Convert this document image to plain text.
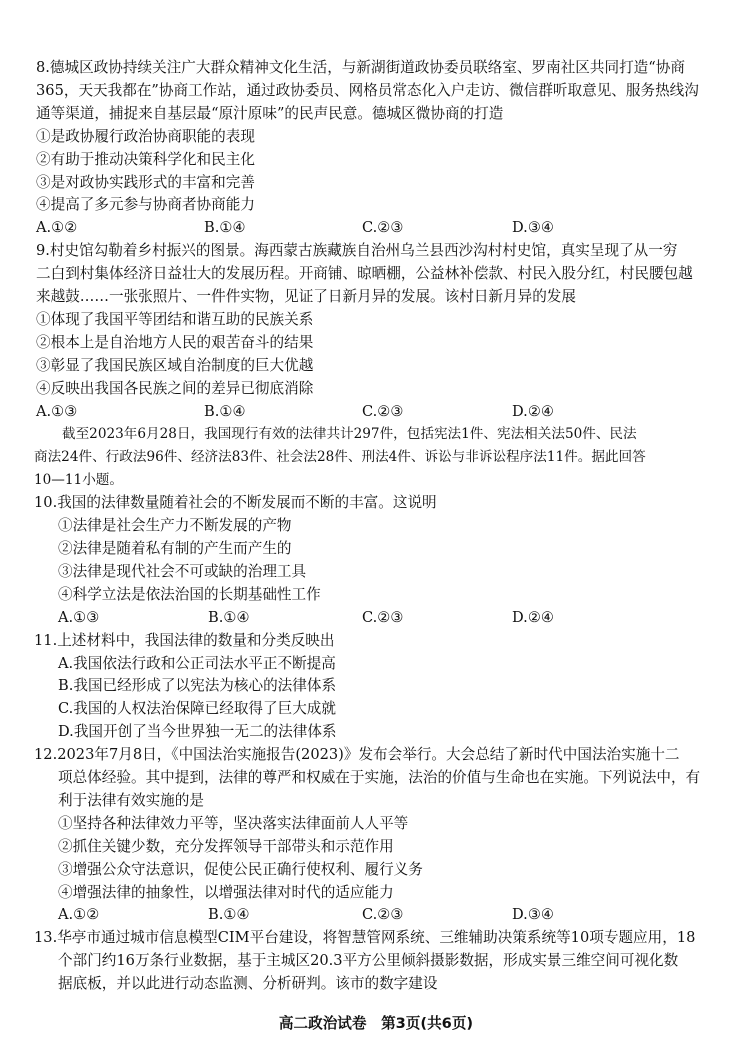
8.德城区政协持续关注广大群众精神文化生活，与新湖街道政协委员联络室、罗南社区共同打造“协商
365，天天我都在”协商工作站，通过政协委员、网格员常态化入户走访、微信群听取意见、服务热线沟
通等渠道，捕捉来自基层最“原汁原味”的民声民意。德城区微协商的打造
①是政协履行政治协商职能的表现
②有助于推动决策科学化和民主化
③是对政协实践形式的丰富和完善
④提高了多元参与协商者协商能力
A.①②	B.①④	C.②③	D.③④
9.村史馆勾勒着乡村振兴的图景。海西蒙古族藏族自治州乌兰县西沙沟村村史馆，真实呈现了从一穷
二白到村集体经济日益壮大的发展历程。开商铺、晾晒棚，公益林补偿款、村民入股分红，村民腰包越
来越鼓……一张张照片、一件件实物，见证了日新月异的发展。该村日新月异的发展
①体现了我国平等团结和谐互助的民族关系
②根本上是自治地方人民的艰苦奋斗的结果
③彰显了我国民族区域自治制度的巨大优越
④反映出我国各民族之间的差异已彻底消除
A.①③	B.①④	C.②③	D.②④
截至2023年6月28日，我国现行有效的法律共计297件，包括宪法1件、宪法相关法50件、民法
商法24件、行政法96件、经济法83件、社会法28件、刑法4件、诉讼与非诉讼程序法11件。据此回答
10—11小题。
10.我国的法律数量随着社会的不断发展而不断的丰富。这说明
①法律是社会生产力不断发展的产物
②法律是随着私有制的产生而产生的
③法律是现代社会不可或缺的治理工具
④科学立法是依法治国的长期基础性工作
A.①③	B.①④	C.②③	D.②④
11.上述材料中，我国法律的数量和分类反映出
A.我国依法行政和公正司法水平正不断提高
B.我国已经形成了以宪法为核心的法律体系
C.我国的人权法治保障已经取得了巨大成就
D.我国开创了当今世界独一无二的法律体系
12.2023年7月8日，《中国法治实施报告(2023)》发布会举行。大会总结了新时代中国法治实施十二
项总体经验。其中提到，法律的尊严和权威在于实施，法治的价值与生命也在实施。下列说法中，有
利于法律有效实施的是
①坚持各种法律效力平等，坚决落实法律面前人人平等
②抓住关键少数，充分发挥领导干部带头和示范作用
③增强公众守法意识，促使公民正确行使权利、履行义务
④增强法律的抽象性，以增强法律对时代的适应能力
A.①②	B.①④	C.②③	D.③④
13.华亭市通过城市信息模型CIM平台建设，将智慧管网系统、三维辅助决策系统等10项专题应用，18
个部门约16万条行业数据，基于主城区20.3平方公里倾斜摄影数据，形成实景三维空间可视化数
据底板，并以此进行动态监测、分析研判。该市的数字建设
高二政治试卷　第3页(共6页)
